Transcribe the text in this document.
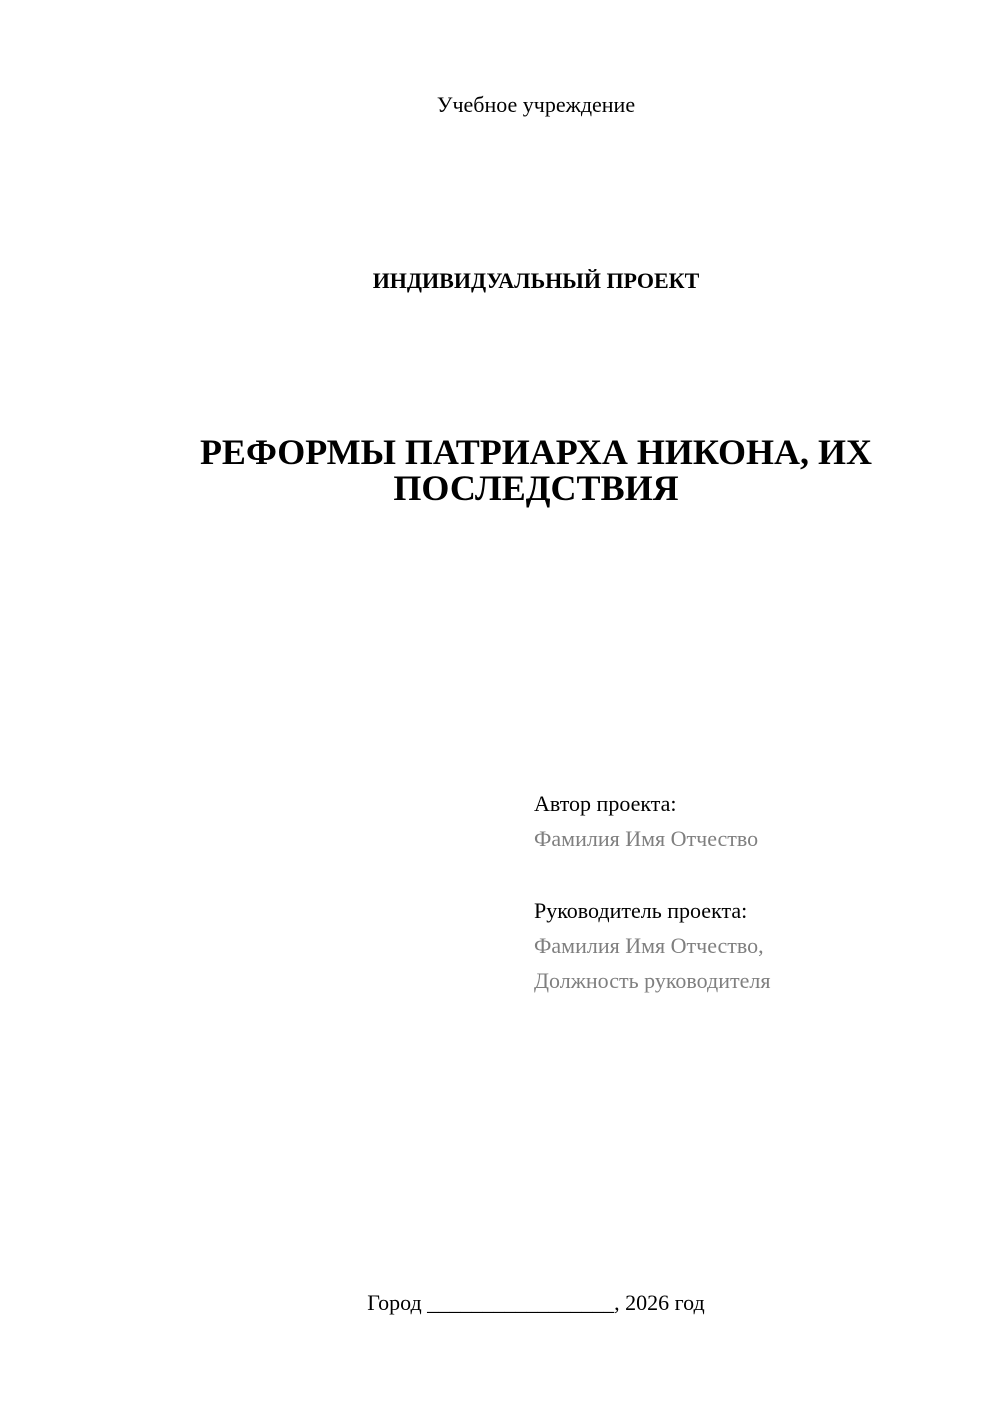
Учебное учреждение
ИНДИВИДУАЛЬНЫЙ ПРОЕКТ
РЕФОРМЫ ПАТРИАРХА НИКОНА, ИХ
ПОСЛЕДСТВИЯ
Автор проекта:
Фамилия Имя Отчество
Руководитель проекта:
Фамилия Имя Отчество,
Должность руководителя
Город _________________, 2026 год
